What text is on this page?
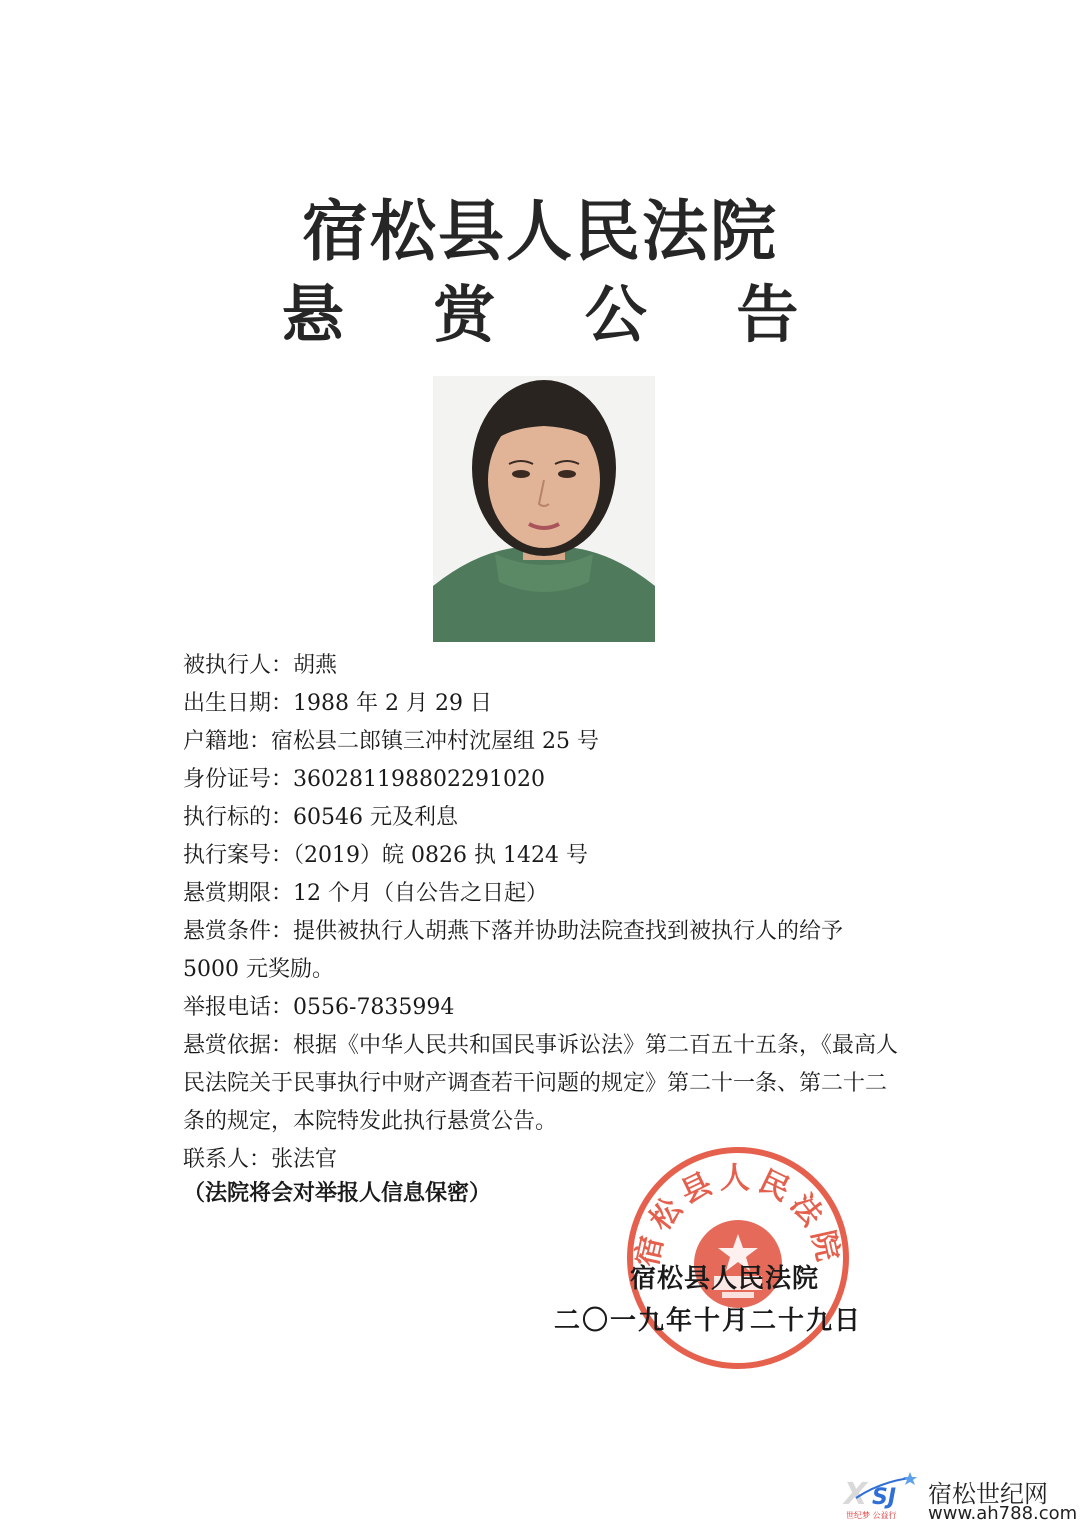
宿松县人民法院
悬 赏 公 告
被执行人：胡燕
出生日期：1988 年 2 月 29 日
户籍地：宿松县二郎镇三冲村沈屋组 25 号
身份证号：360281198802291020
执行标的：60546 元及利息
执行案号：（2019）皖 0826 执 1424 号
悬赏期限：12 个月（自公告之日起）
悬赏条件：提供被执行人胡燕下落并协助法院查找到被执行人的给予 5000 元奖励。
举报电话：0556-7835994
悬赏依据：根据《中华人民共和国民事诉讼法》第二百五十五条，《最高人民法院关于民事执行中财产调查若干问题的规定》第二十一条、第二十二条的规定，本院特发此执行悬赏公告。
联系人：张法官
（法院将会对举报人信息保密）
宿松县人民法院
宿松县人民法院
二〇一九年十月二十九日
X SJ
世纪梦 公益行
宿松世纪网
www.ah788.com
